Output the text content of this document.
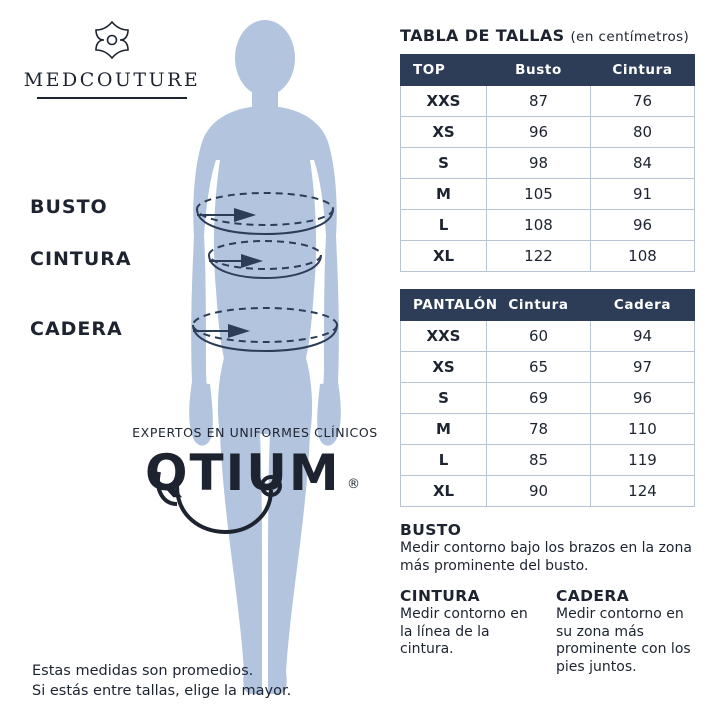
MEDCOUTURE
BUSTO
CINTURA
CADERA
EXPERTOS EN UNIFORMES CLÍNICOS
QTIUM ®
Estas medidas son promedios.
Si estás entre tallas, elige la mayor.
TABLA DE TALLAS (en centímetros)
TOP	Busto	Cintura
XXS	87	76
XS	96	80
S	98	84
M	105	91
L	108	96
XL	122	108
PANTALÓN	Cintura	Cadera
XXS	60	94
XS	65	97
S	69	96
M	78	110
L	85	119
XL	90	124
BUSTO
Medir contorno bajo los brazos en la zona más prominente del busto.
CINTURA
Medir contorno en la línea de la cintura.
CADERA
Medir contorno en su zona más prominente con los pies juntos.
